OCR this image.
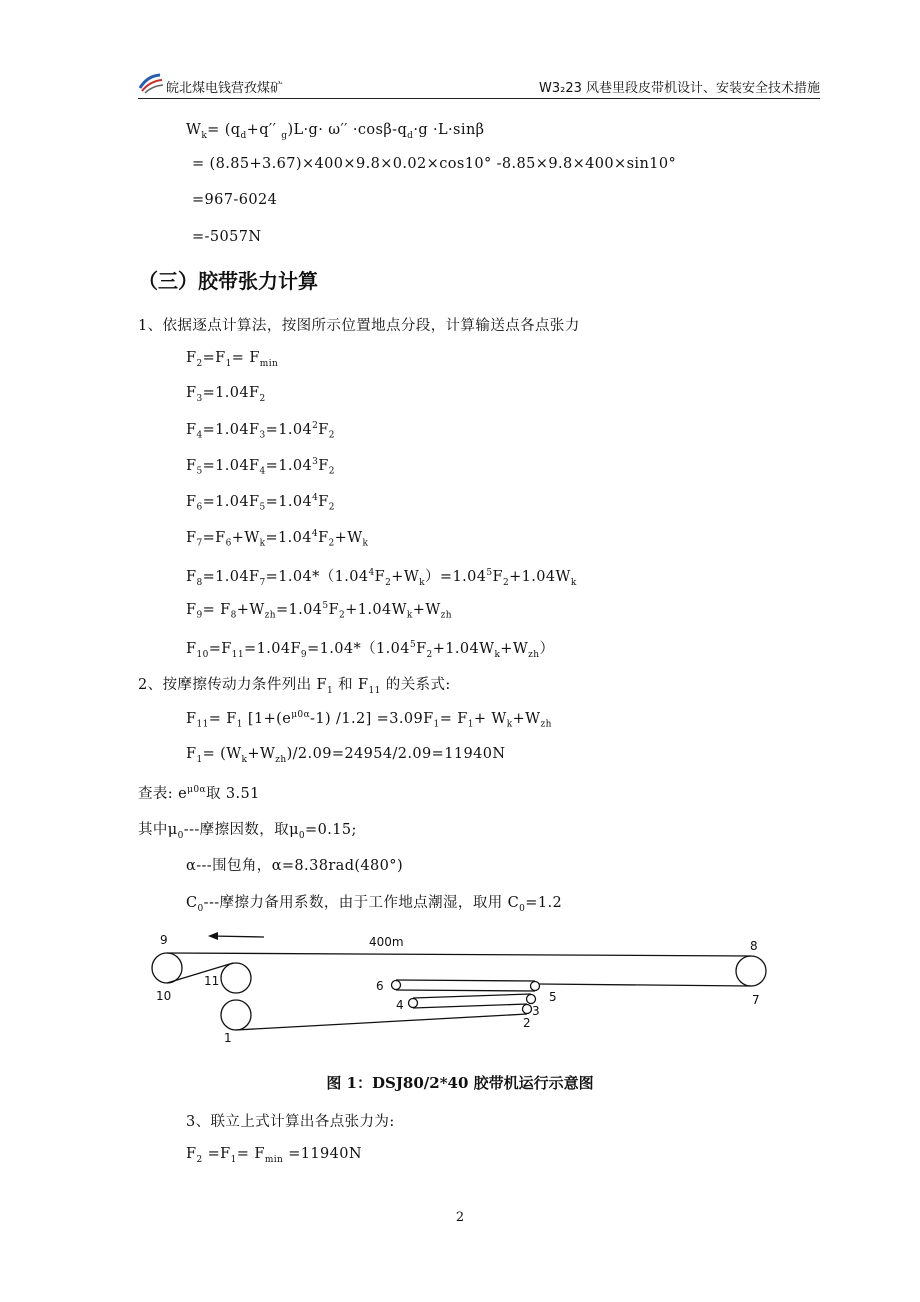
皖北煤电钱营孜煤矿	W3₂23 风巷里段皮带机设计、安装安全技术措施
$W_k= (q_d+q''$ $_g)L\cdot g\cdot \omega'' \cdot\cos\beta-q_d\cdot g \cdot L\cdot\sin\beta$
= (8.85+3.67)×400×9.8×0.02×cos10° -8.85×9.8×400×sin10°
=967-6024
=-5057N
（三）胶带张力计算
1、依据逐点计算法，按图所示位置地点分段，计算输送点各点张力
$F_2=F_1= F_{min}$
$F_3=1.04F_2$
$F_4=1.04F_3=1.04^2F_2$
$F_5=1.04F_4=1.04^3F_2$
$F_6=1.04F_5=1.04^4F_2$
$F_7=F_6+W_k=1.04^4F_2+W_k$
$F_8=1.04F_7=1.04*(1.04^4F_2+W_k)=1.04^5F_2+1.04W_k$
$F_9= F_8+W_{zh}=1.04^5F_2+1.04W_k+W_{zh}$
$F_{10}=F_{11}=1.04F_9=1.04*(1.04^5F_2+1.04W_k+W_{zh})$
2、按摩擦传动力条件列出 $F_1$ 和 $F_{11}$ 的关系式:
$F_{11}= F_1$ [$1+(e^{\mu 0\alpha}-1)$ $/1.2] =3.09F_1= F_1+ W_k+W_{zh}$
$F_1= (W_k+W_{zh})/2.09=24954/2.09=11940N$
查表: $e^{\mu 0\alpha}$取 3.51
其中$\mu_0---$摩擦因数，取$\mu_0=0.15$;
α---围包角，α=8.38rad(480°)
$C_0---$摩擦力备用系数，由于工作地点潮湿，取用 $C_0=1.2$
400m
9
10
11
1
2
3
4
5
6
7
8
图 1：DSJ80/2*40 胶带机运行示意图
3、联立上式计算出各点张力为:
$F_2 =F_1= F_{min} =11940N$
2
